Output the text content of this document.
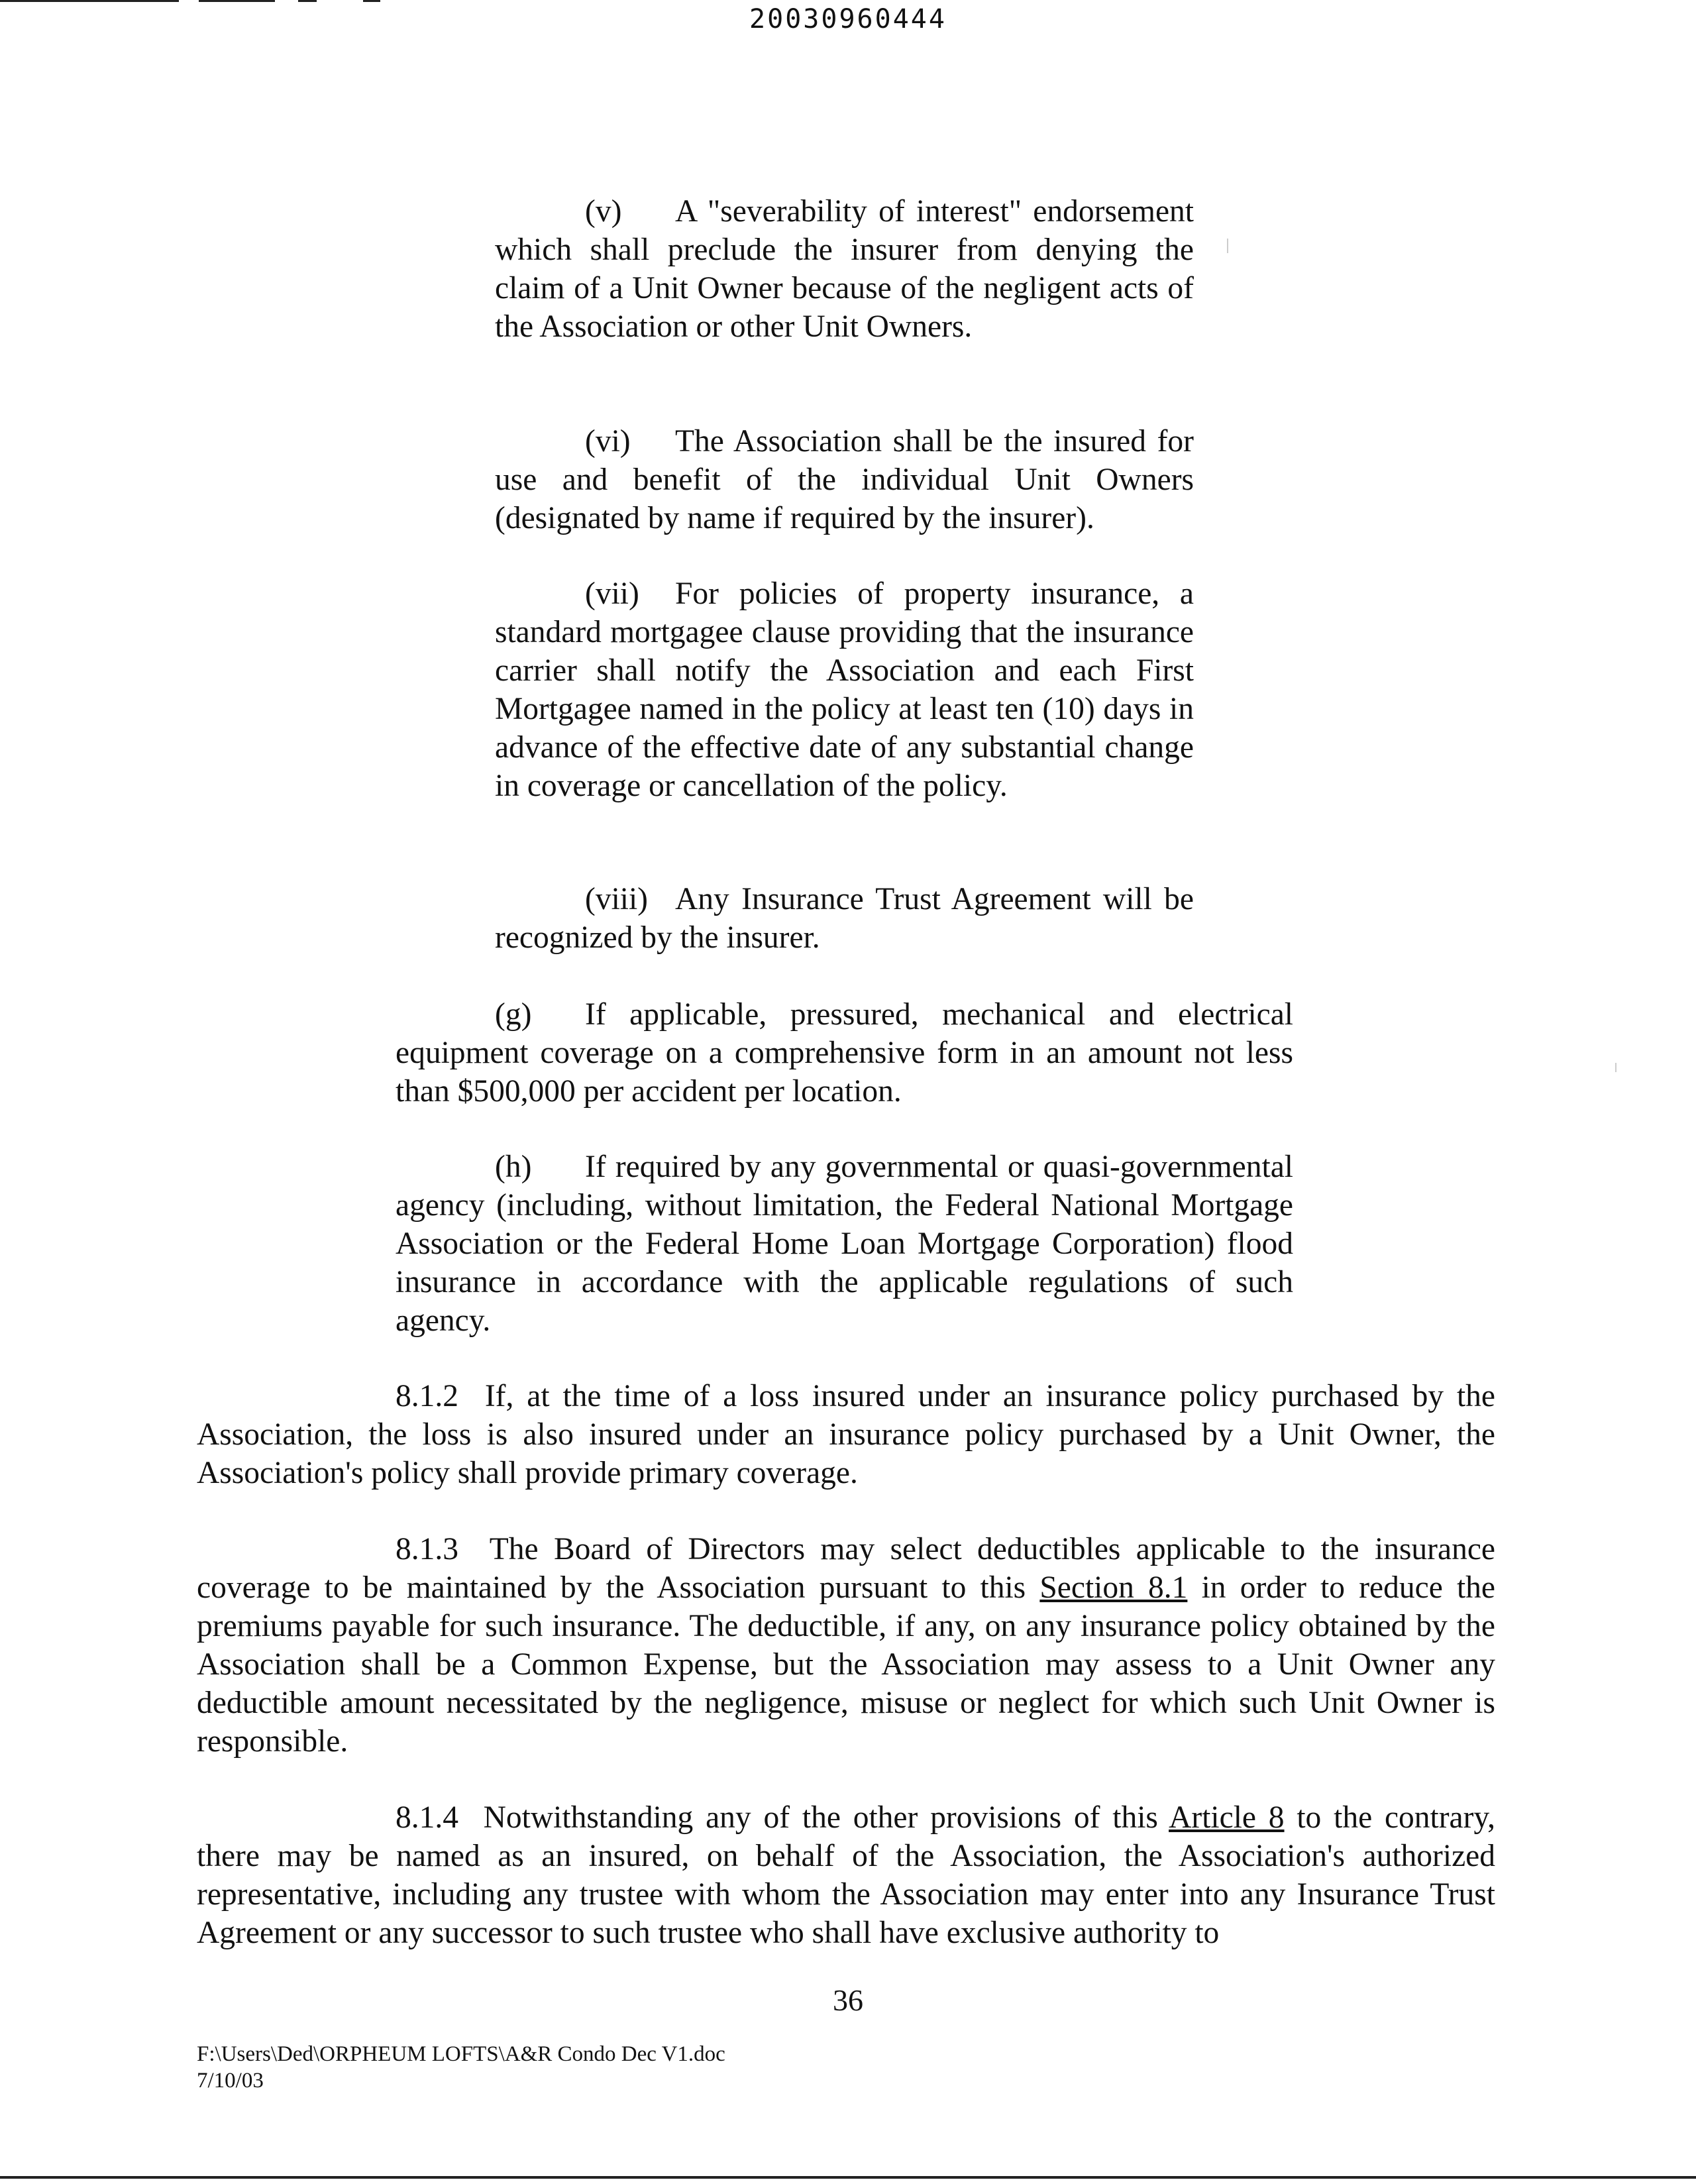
20030960444

(v) A "severability of interest" endorsement which shall preclude the insurer from denying the claim of a Unit Owner because of the negligent acts of the Association or other Unit Owners.

(vi) The Association shall be the insured for use and benefit of the individual Unit Owners (designated by name if required by the insurer).

(vii) For policies of property insurance, a standard mortgagee clause providing that the insurance carrier shall notify the Association and each First Mortgagee named in the policy at least ten (10) days in advance of the effective date of any substantial change in coverage or cancellation of the policy.

(viii) Any Insurance Trust Agreement will be recognized by the insurer.

(g) If applicable, pressured, mechanical and electrical equipment coverage on a comprehensive form in an amount not less than $500,000 per accident per location.

(h) If required by any governmental or quasi-governmental agency (including, without limitation, the Federal National Mortgage Association or the Federal Home Loan Mortgage Corporation) flood insurance in accordance with the applicable regulations of such agency.

8.1.2 If, at the time of a loss insured under an insurance policy purchased by the Association, the loss is also insured under an insurance policy purchased by a Unit Owner, the Association's policy shall provide primary coverage.

8.1.3 The Board of Directors may select deductibles applicable to the insurance coverage to be maintained by the Association pursuant to this Section 8.1 in order to reduce the premiums payable for such insurance. The deductible, if any, on any insurance policy obtained by the Association shall be a Common Expense, but the Association may assess to a Unit Owner any deductible amount necessitated by the negligence, misuse or neglect for which such Unit Owner is responsible.

8.1.4 Notwithstanding any of the other provisions of this Article 8 to the contrary, there may be named as an insured, on behalf of the Association, the Association's authorized representative, including any trustee with whom the Association may enter into any Insurance Trust Agreement or any successor to such trustee who shall have exclusive authority to

36
F:\Users\Ded\ORPHEUM LOFTS\A&R Condo Dec V1.doc
7/10/03
